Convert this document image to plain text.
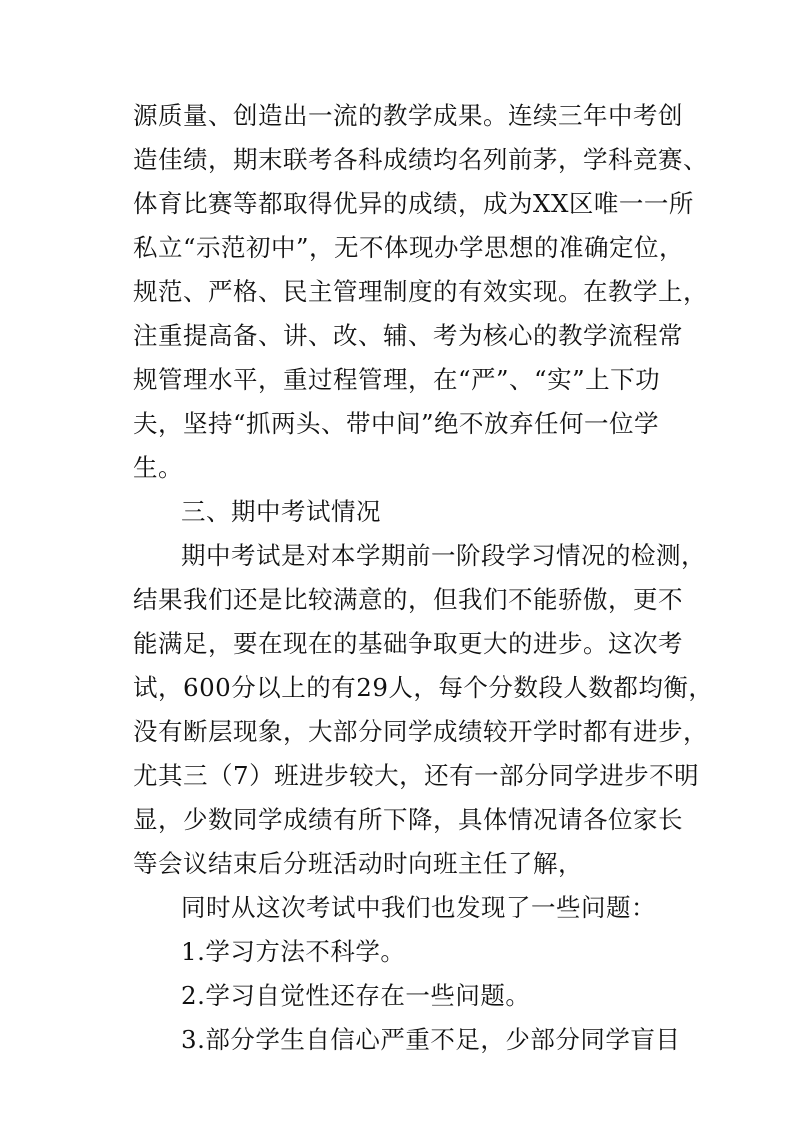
源质量、创造出一流的教学成果。连续三年中考创
造佳绩，期末联考各科成绩均名列前茅，学科竞赛、
体育比赛等都取得优异的成绩，成为XX区唯一一所
私立“示范初中”，无不体现办学思想的准确定位，
规范、严格、民主管理制度的有效实现。在教学上，
注重提高备、讲、改、辅、考为核心的教学流程常
规管理水平，重过程管理，在“严”、“实”上下功
夫，坚持“抓两头、带中间”绝不放弃任何一位学
生。
三、期中考试情况
期中考试是对本学期前一阶段学习情况的检测，
结果我们还是比较满意的，但我们不能骄傲，更不
能满足，要在现在的基础争取更大的进步。这次考
试，600分以上的有29人，每个分数段人数都均衡，
没有断层现象，大部分同学成绩较开学时都有进步，
尤其三（7）班进步较大，还有一部分同学进步不明
显，少数同学成绩有所下降，具体情况请各位家长
等会议结束后分班活动时向班主任了解，
同时从这次考试中我们也发现了一些问题：
1.学习方法不科学。
2.学习自觉性还存在一些问题。
3.部分学生自信心严重不足，少部分同学盲目
